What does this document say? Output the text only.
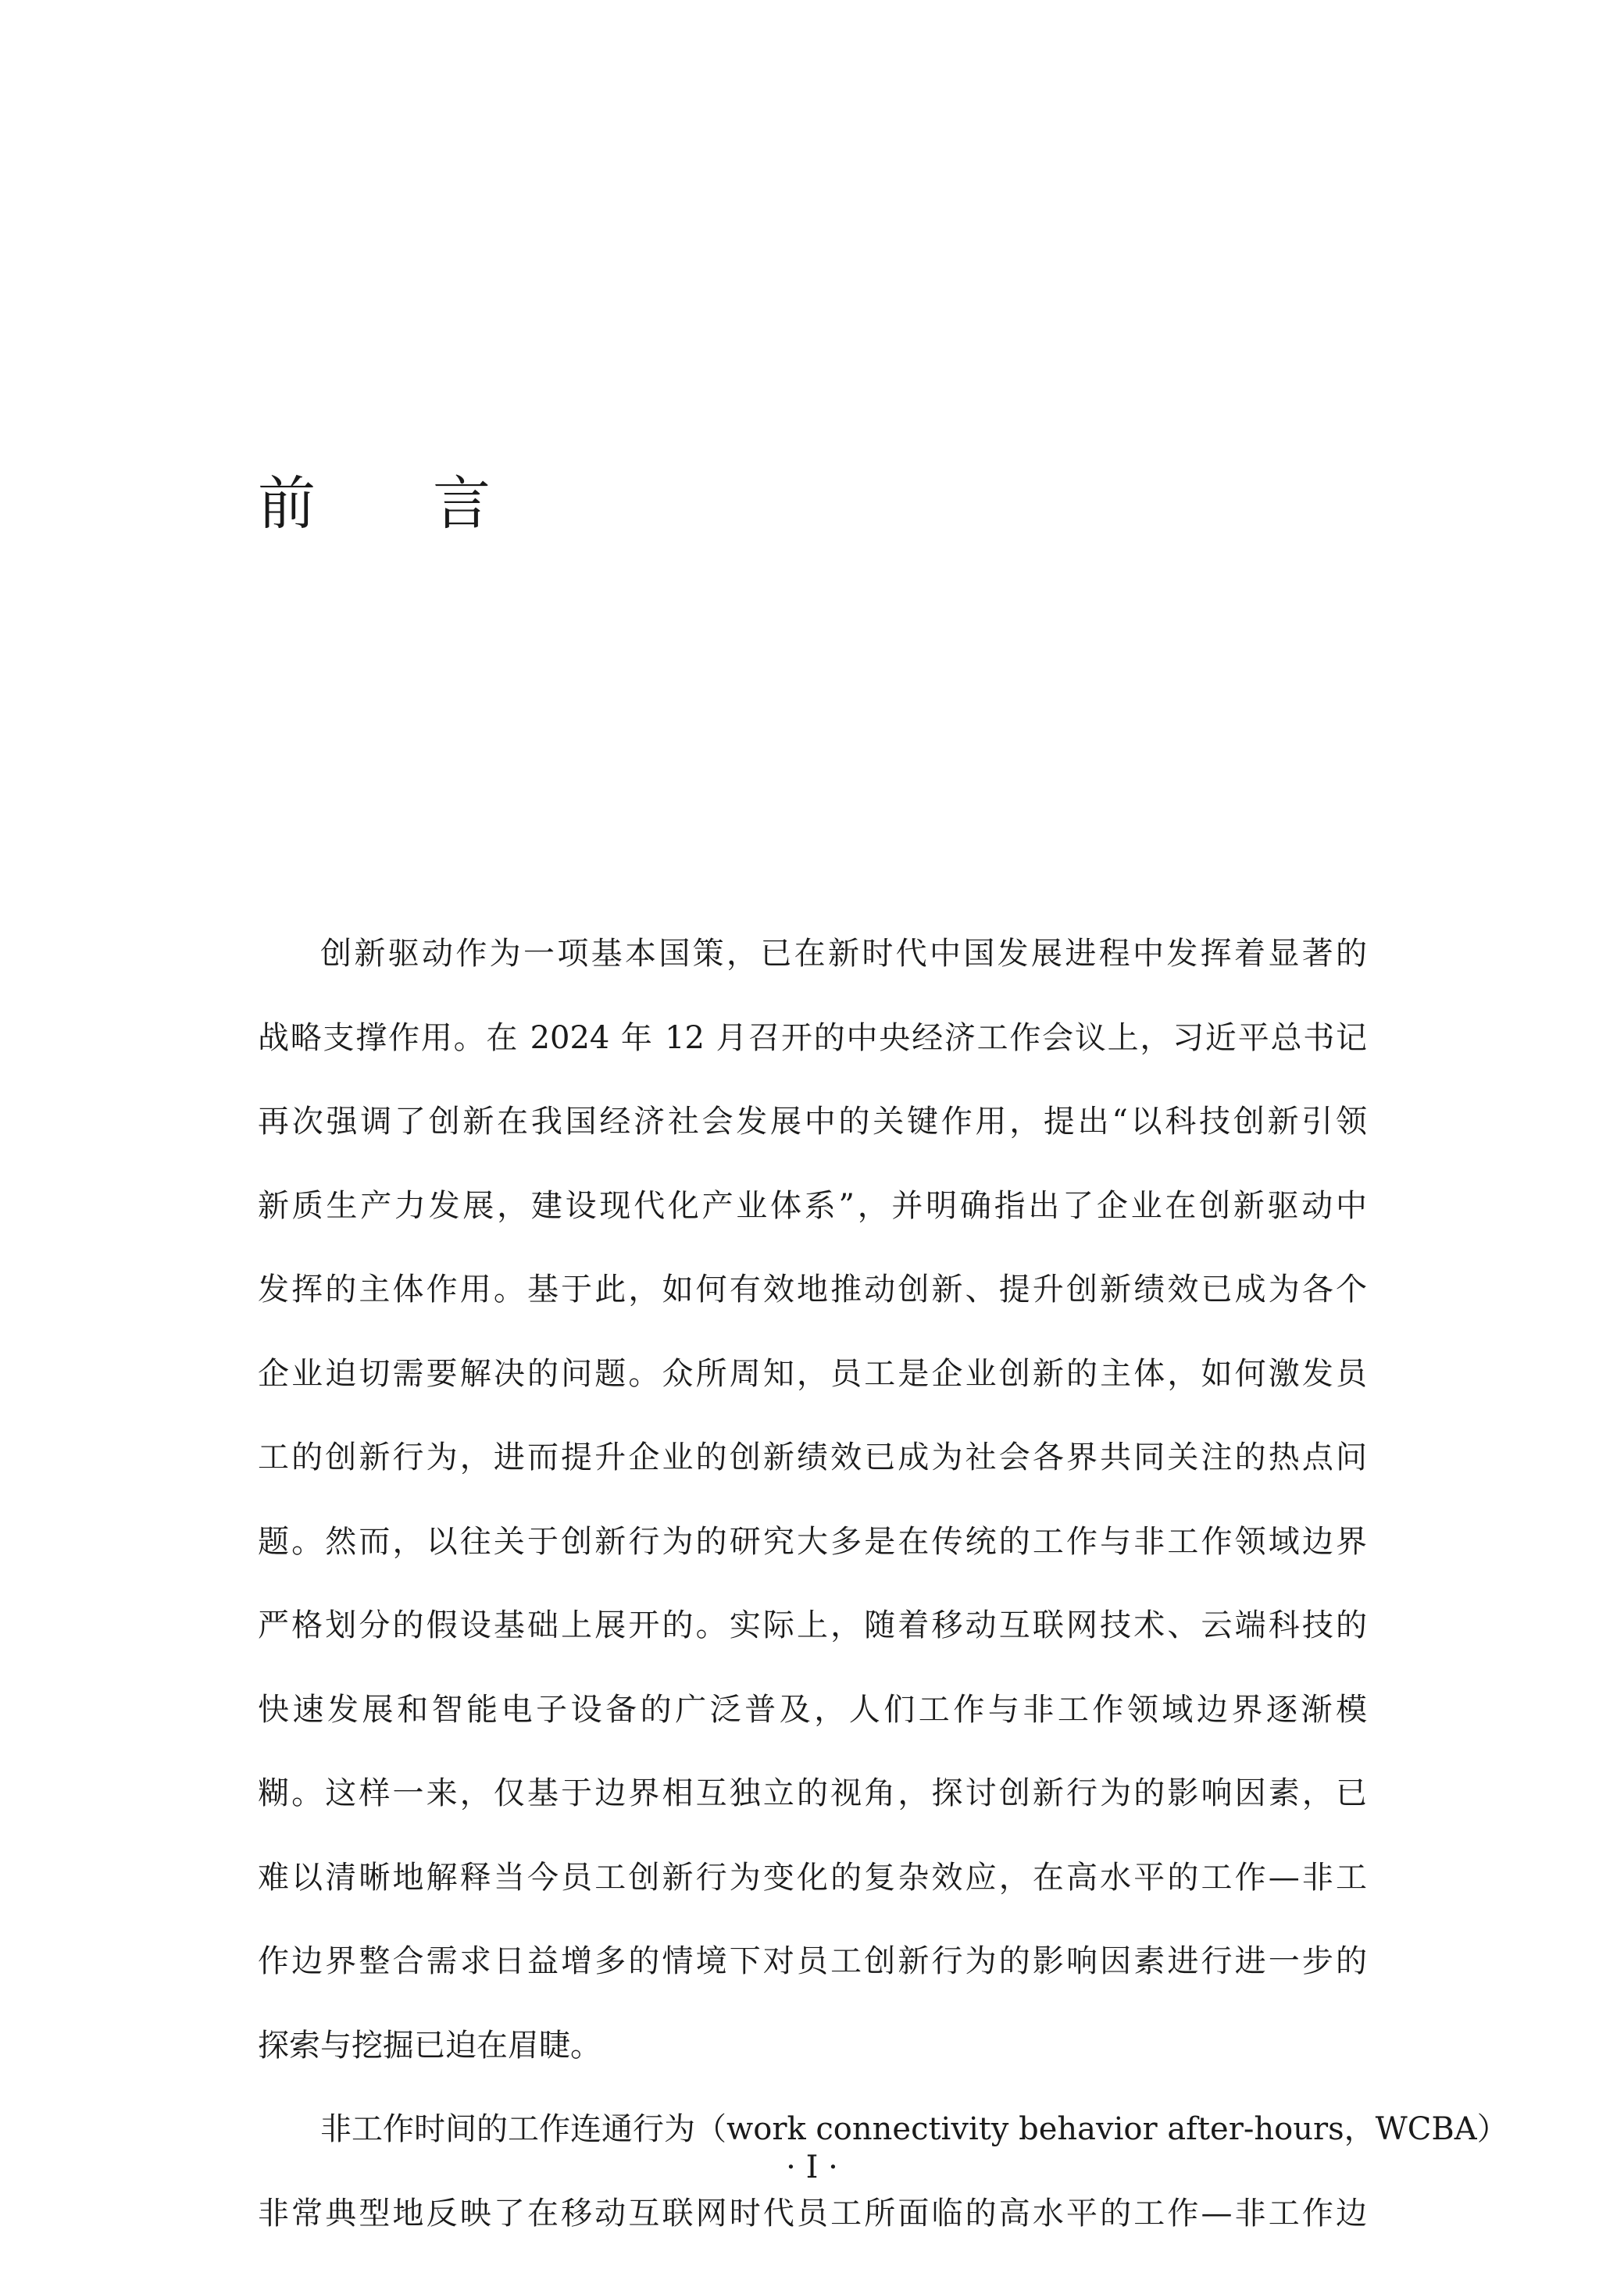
前 言
创新驱动作为一项基本国策，已在新时代中国发展进程中发挥着显著的
战略支撑作用。在 2024 年 12 月召开的中央经济工作会议上，习近平总书记
再次强调了创新在我国经济社会发展中的关键作用，提出“以科技创新引领
新质生产力发展，建设现代化产业体系”，并明确指出了企业在创新驱动中
发挥的主体作用。基于此，如何有效地推动创新、提升创新绩效已成为各个
企业迫切需要解决的问题。众所周知，员工是企业创新的主体，如何激发员
工的创新行为，进而提升企业的创新绩效已成为社会各界共同关注的热点问
题。然而，以往关于创新行为的研究大多是在传统的工作与非工作领域边界
严格划分的假设基础上展开的。实际上，随着移动互联网技术、云端科技的
快速发展和智能电子设备的广泛普及，人们工作与非工作领域边界逐渐模
糊。这样一来，仅基于边界相互独立的视角，探讨创新行为的影响因素，已
难以清晰地解释当今员工创新行为变化的复杂效应，在高水平的工作—非工
作边界整合需求日益增多的情境下对员工创新行为的影响因素进行进一步的
探索与挖掘已迫在眉睫。
非工作时间的工作连通行为（work connectivity behavior after-hours，WCBA）
非常典型地反映了在移动互联网时代员工所面临的高水平的工作—非工作边
· I ·
